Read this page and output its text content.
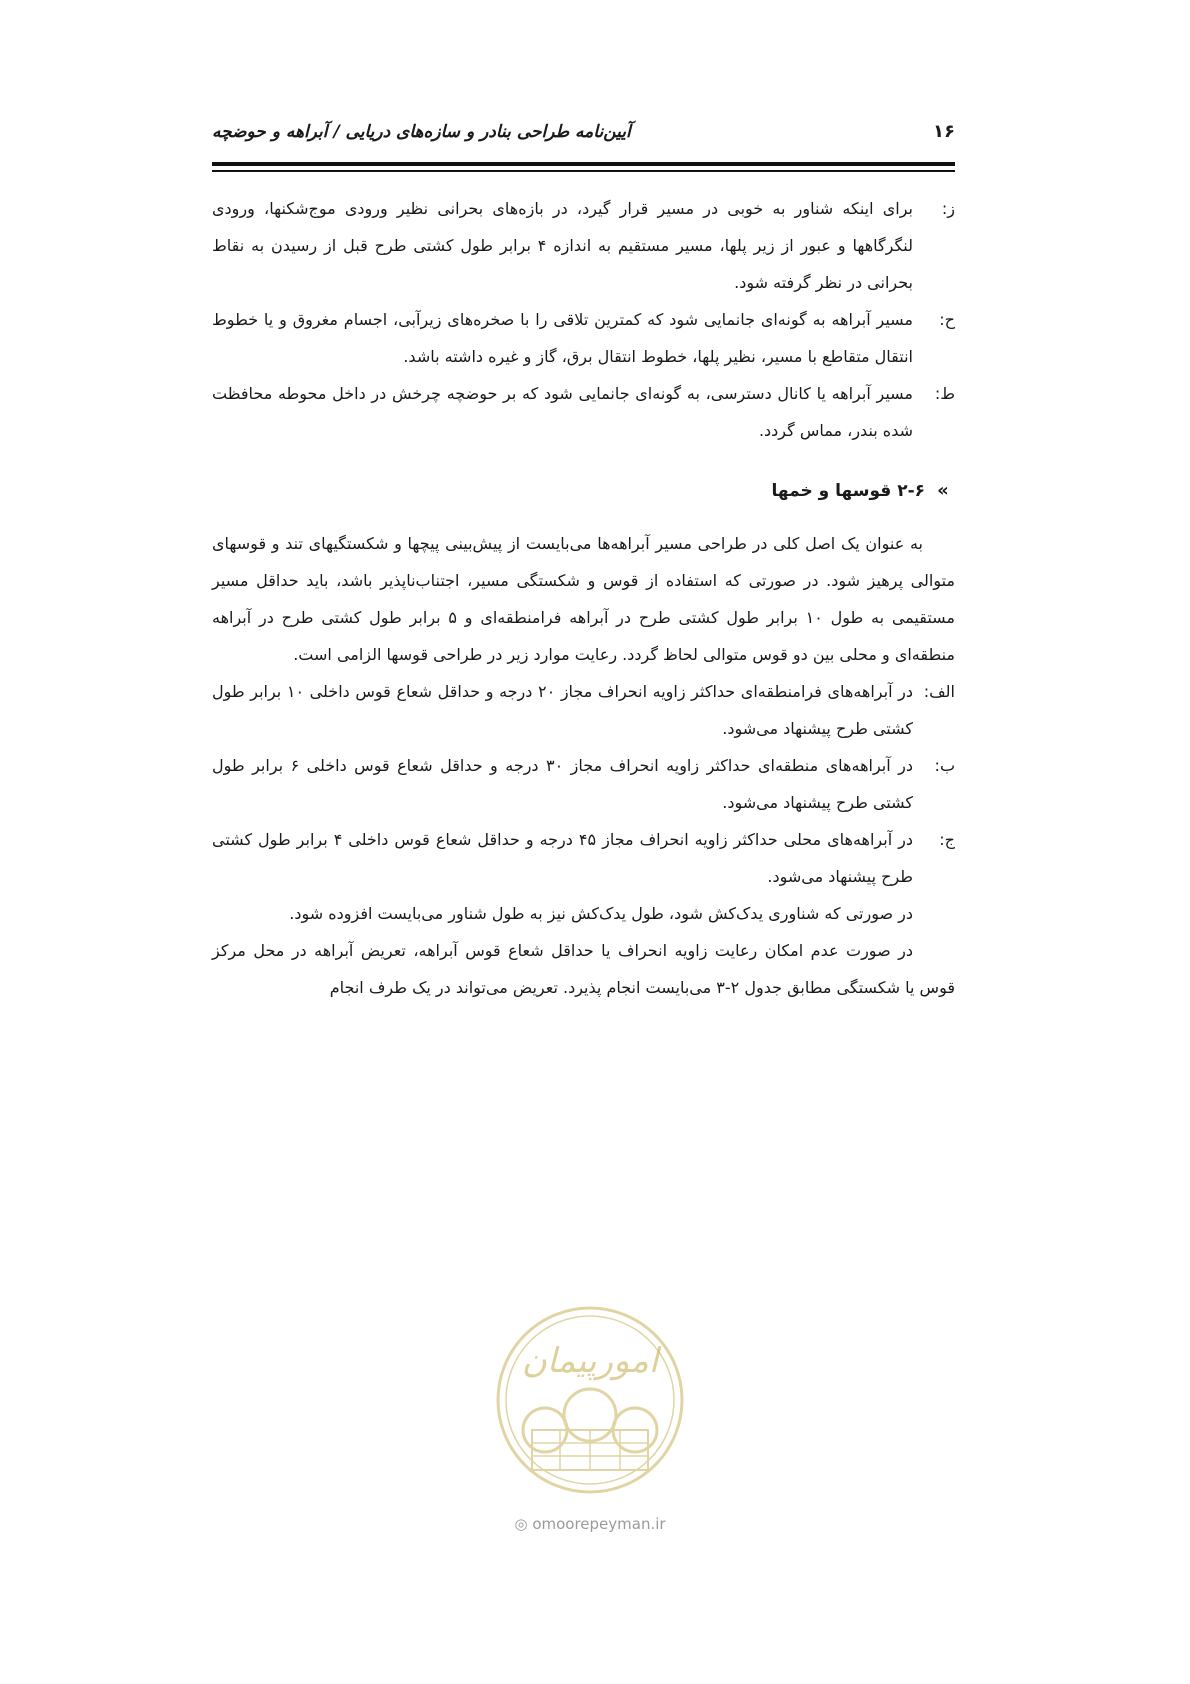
آیین‌نامه طراحی بنادر و سازه‌های دریایی / آبراهه و حوضچه	۱۶
ز:
برای اینکه شناور به خوبی در مسیر قرار گیرد، در بازه‌های بحرانی نظیر ورودی موج‌شکنها، ورودی لنگرگاهها و عبور از زیر پلها، مسیر مستقیم به اندازه ۴ برابر طول کشتی طرح قبل از رسیدن به نقاط بحرانی در نظر گرفته شود.
ح:
مسیر آبراهه به گونه‌ای جانمایی شود که کمترین تلاقی را با صخره‌های زیرآبی، اجسام مغروق و یا خطوط انتقال متقاطع با مسیر، نظیر پلها، خطوط انتقال برق، گاز و غیره داشته باشد.
ط:
مسیر آبراهه یا کانال دسترسی، به گونه‌ای جانمایی شود که بر حوضچه چرخش در داخل محوطه محافظت شده بندر، مماس گردد.
»
۲-۶ قوسها و خمها
به عنوان یک اصل کلی در طراحی مسیر آبراهه‌ها می‌بایست از پیش‌بینی پیچها و شکستگیهای تند و قوسهای متوالی پرهیز شود. در صورتی که استفاده از قوس و شکستگی مسیر، اجتناب‌ناپذیر باشد، باید حداقل مسیر مستقیمی به طول ۱۰ برابر طول کشتی طرح در آبراهه فرامنطقه‌ای و ۵ برابر طول کشتی طرح در آبراهه منطقه‌ای و محلی بین دو قوس متوالی لحاظ گردد. رعایت موارد زیر در طراحی قوسها الزامی است.
الف:
در آبراهه‌های فرامنطقه‌ای حداکثر زاویه انحراف مجاز ۲۰ درجه و حداقل شعاع قوس داخلی ۱۰ برابر طول کشتی طرح پیشنهاد می‌شود.
ب:
در آبراهه‌های منطقه‌ای حداکثر زاویه انحراف مجاز ۳۰ درجه و حداقل شعاع قوس داخلی ۶ برابر طول کشتی طرح پیشنهاد می‌شود.
ج:
در آبراهه‌های محلی حداکثر زاویه انحراف مجاز ۴۵ درجه و حداقل شعاع قوس داخلی ۴ برابر طول کشتی طرح پیشنهاد می‌شود.
در صورتی که شناوری یدک‌کش شود، طول یدک‌کش نیز به طول شناور می‌بایست افزوده شود.
در صورت عدم امکان رعایت زاویه انحراف یا حداقل شعاع قوس آبراهه، تعریض آبراهه در محل مرکز قوس یا شکستگی مطابق جدول ۲-۳ می‌بایست انجام پذیرد. تعریض می‌تواند در یک طرف انجام
امورپیمان
◎ omoorepeyman.ir
